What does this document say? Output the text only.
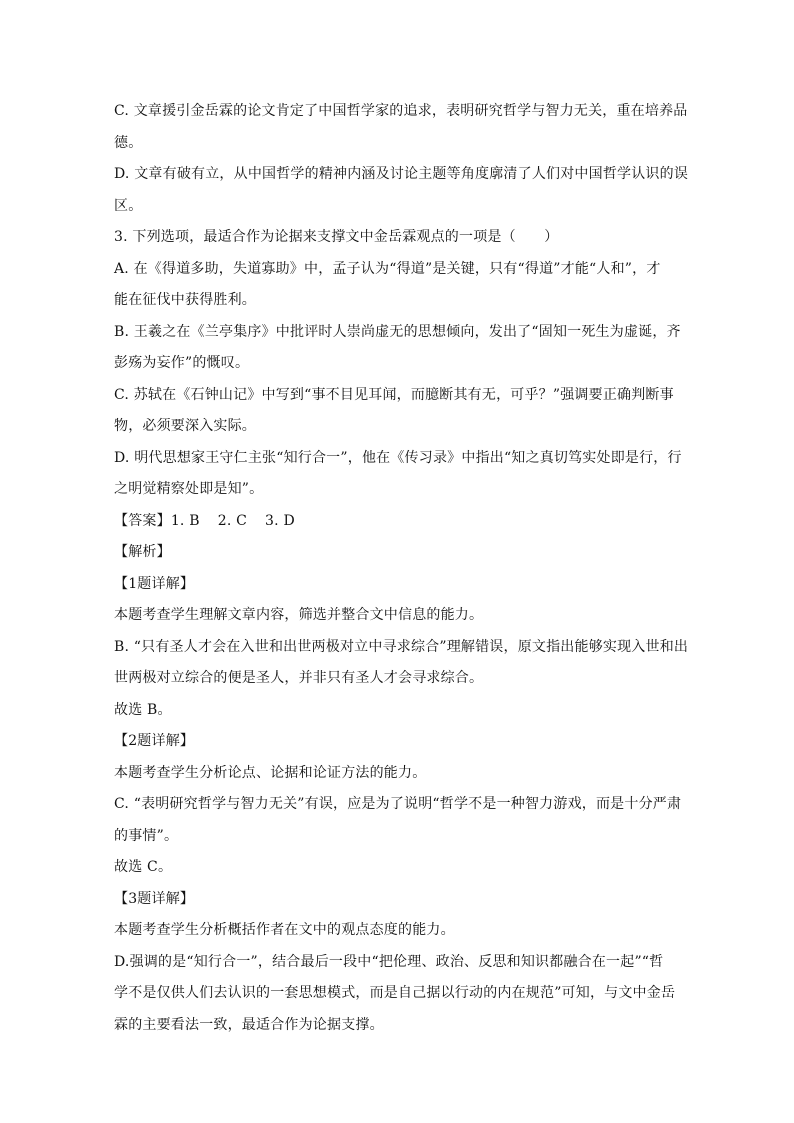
C. 文章援引金岳霖的论文肯定了中国哲学家的追求，表明研究哲学与智力无关，重在培养品
德。
D. 文章有破有立，从中国哲学的精神内涵及讨论主题等角度廓清了人们对中国哲学认识的误
区。
3. 下列选项，最适合作为论据来支撑文中金岳霖观点的一项是（　　）
A. 在《得道多助，失道寡助》中，孟子认为“得道”是关键，只有“得道”才能“人和”，才
能在征伐中获得胜利。
B. 王羲之在《兰亭集序》中批评时人崇尚虚无的思想倾向，发出了“固知一死生为虚诞，齐
彭殇为妄作”的慨叹。
C. 苏轼在《石钟山记》中写到“事不目见耳闻，而臆断其有无，可乎？”强调要正确判断事
物，必须要深入实际。
D. 明代思想家王守仁主张“知行合一”，他在《传习录》中指出“知之真切笃实处即是行，行
之明觉精察处即是知”。
【答案】1. B 2. C 3. D
【解析】
【1题详解】
本题考查学生理解文章内容，筛选并整合文中信息的能力。
B. “只有圣人才会在入世和出世两极对立中寻求综合”理解错误，原文指出能够实现入世和出
世两极对立综合的便是圣人，并非只有圣人才会寻求综合。
故选 B。
【2题详解】
本题考查学生分析论点、论据和论证方法的能力。
C. “表明研究哲学与智力无关”有误，应是为了说明“哲学不是一种智力游戏，而是十分严肃
的事情”。
故选 C。
【3题详解】
本题考查学生分析概括作者在文中的观点态度的能力。
D.强调的是“知行合一”，结合最后一段中“把伦理、政治、反思和知识都融合在一起”“哲
学不是仅供人们去认识的一套思想模式，而是自己据以行动的内在规范”可知，与文中金岳
霖的主要看法一致，最适合作为论据支撑。
